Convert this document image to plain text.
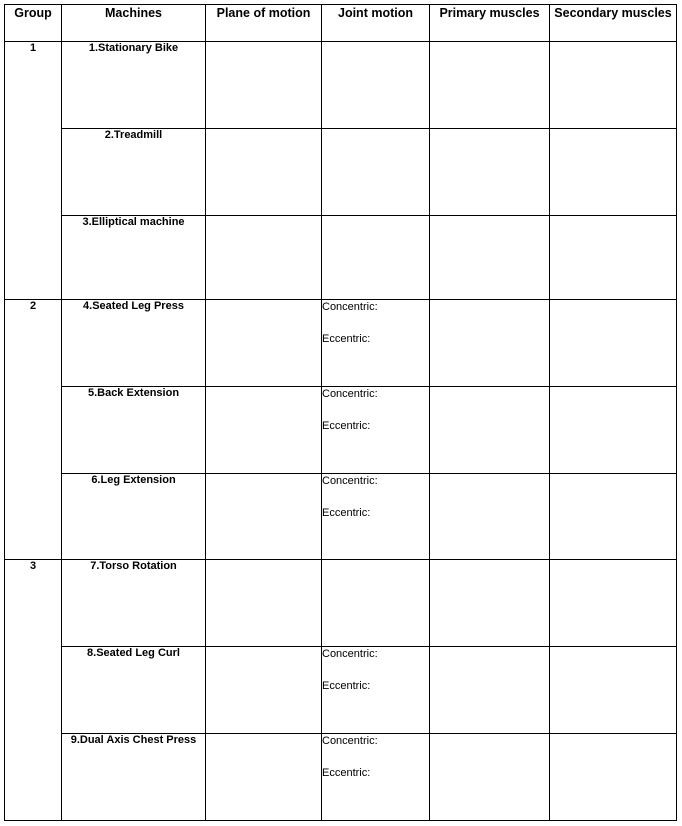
Group	Machines	Plane of motion	Joint motion	Primary muscles	Secondary muscles
1	1.Stationary Bike				
	2.Treadmill				
	3.Elliptical machine				
2	4.Seated Leg Press		Concentric:
Eccentric:		

	5.Back Extension		Concentric:
Eccentric:		

	6.Leg Extension		Concentric:
Eccentric:		

3	7.Torso Rotation				
	8.Seated Leg Curl		Concentric:
Eccentric:		

	9.Dual Axis Chest Press		Concentric:
Eccentric:		
